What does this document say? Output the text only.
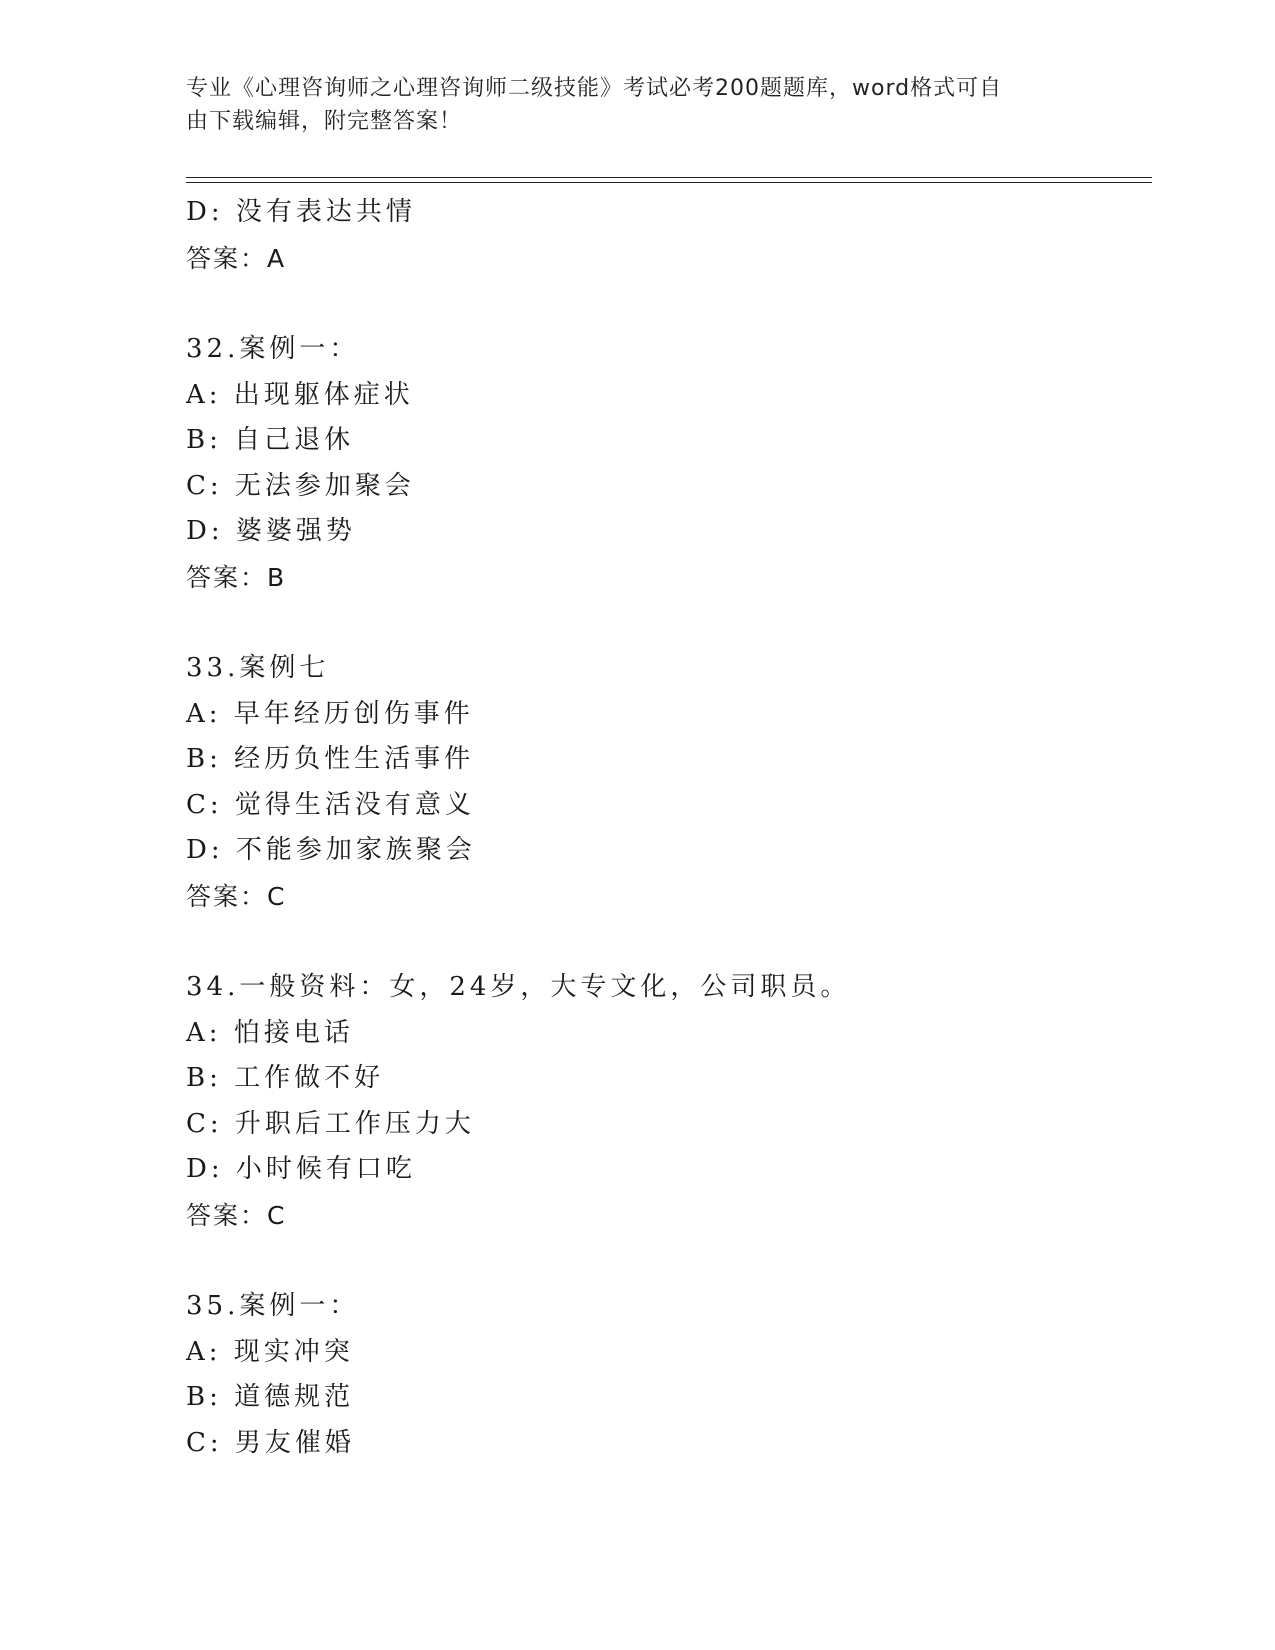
专业《心理咨询师之心理咨询师二级技能》考试必考200题题库，word格式可自
由下载编辑，附完整答案！
D: 没有表达共情
答案：A
32.案例一：
A: 出现躯体症状
B: 自己退休
C: 无法参加聚会
D: 婆婆强势
答案：B
33.案例七
A: 早年经历创伤事件
B: 经历负性生活事件
C: 觉得生活没有意义
D: 不能参加家族聚会
答案：C
34.一般资料：女，24岁，大专文化，公司职员。
A: 怕接电话
B: 工作做不好
C: 升职后工作压力大
D: 小时候有口吃
答案：C
35.案例一：
A: 现实冲突
B: 道德规范
C: 男友催婚
